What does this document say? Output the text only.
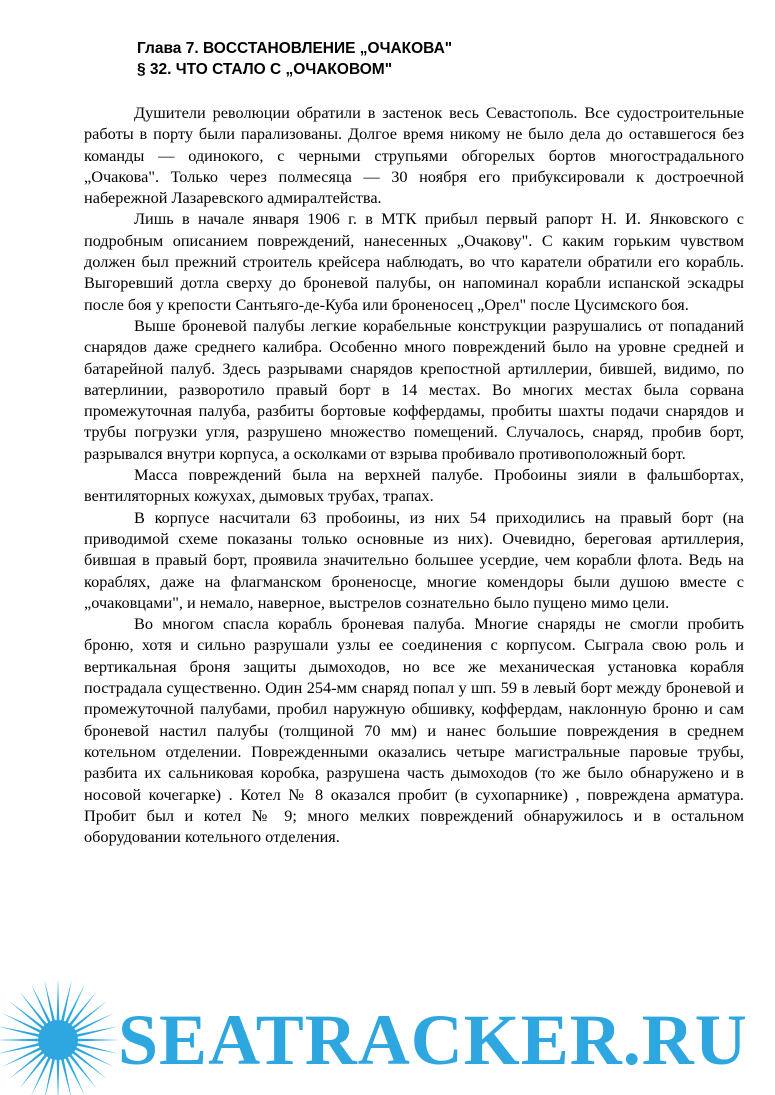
Глава 7. ВОССТАНОВЛЕНИЕ „ОЧАКОВА"
§ 32. ЧТО СТАЛО С „ОЧАКОВОМ"

Душители революции обратили в застенок весь Севастополь. Все судостроительные работы в порту были парализованы. Долгое время никому не было дела до оставшегося без команды — одинокого, с черными струпьями обгорелых бортов многострадального „Очакова". Только через полмесяца — 30 ноября его прибуксировали к достроечной набережной Лазаревского адмиралтейства.

Лишь в начале января 1906 г. в МТК прибыл первый рапорт Н. И. Янковского с подробным описанием повреждений, нанесенных „Очакову". С каким горьким чувством должен был прежний строитель крейсера наблюдать, во что каратели обратили его корабль. Выгоревший дотла сверху до броневой палубы, он напоминал корабли испанской эскадры после боя у крепости Сантьяго-де-Куба или броненосец „Орел" после Цусимского боя.

Выше броневой палубы легкие корабельные конструкции разрушались от попаданий снарядов даже среднего калибра. Особенно много повреждений было на уровне средней и батарейной палуб. Здесь разрывами снарядов крепостной артиллерии, бившей, видимо, по ватерлинии, разворотило правый борт в 14 местах. Во многих местах была сорвана промежуточная палуба, разбиты бортовые коффердамы, пробиты шахты подачи снарядов и трубы погрузки угля, разрушено множество помещений. Случалось, снаряд, пробив борт, разрывался внутри корпуса, а осколками от взрыва пробивало противоположный борт.

Масса повреждений была на верхней палубе. Пробоины зияли в фальшбортах, вентиляторных кожухах, дымовых трубах, трапах.

В корпусе насчитали 63 пробоины, из них 54 приходились на правый борт (на приводимой схеме показаны только основные из них). Очевидно, береговая артиллерия, бившая в правый борт, проявила значительно большее усердие, чем корабли флота. Ведь на кораблях, даже на флагманском броненосце, многие комендоры были душою вместе с „очаковцами", и немало, наверное, выстрелов сознательно было пущено мимо цели.

Во многом спасла корабль броневая палуба. Многие снаряды не смогли пробить броню, хотя и сильно разрушали узлы ее соединения с корпусом. Сыграла свою роль и вертикальная броня защиты дымоходов, но все же механическая установка корабля пострадала существенно. Один 254-мм снаряд попал у шп. 59 в левый борт между броневой и промежуточной палубами, пробил наружную обшивку, коффердам, наклонную броню и сам броневой настил палубы (толщиной 70 мм) и нанес большие повреждения в среднем котельном отделении. Поврежденными оказались четыре магистральные паровые трубы, разбита их сальниковая коробка, разрушена часть дымоходов (то же было обнаружено и в носовой кочегарке) . Котел № 8 оказался пробит (в сухопарнике) , повреждена арматура. Пробит был и котел № 9; много мелких повреждений обнаружилось и в остальном оборудовании котельного отделения.

SEATRACKER.RU
